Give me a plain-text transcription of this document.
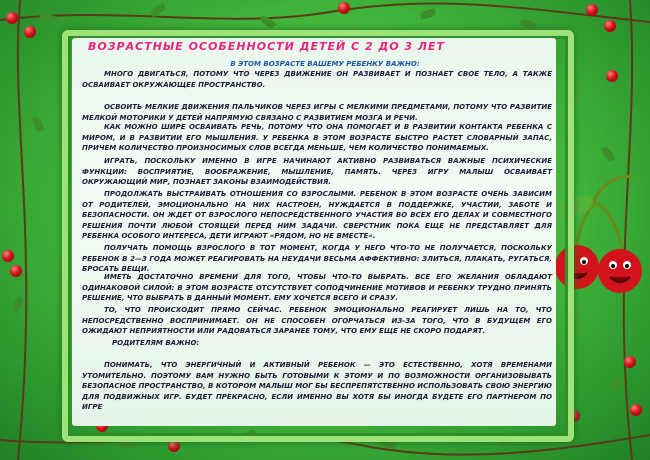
ВОЗРАСТНЫЕ ОСОБЕННОСТИ ДЕТЕЙ С 2 ДО 3 ЛЕТ
В ЭТОМ ВОЗРАСТЕ ВАШЕМУ РЕБЕНКУ ВАЖНО:

МНОГО ДВИГАТЬСЯ, ПОТОМУ ЧТО ЧЕРЕЗ ДВИЖЕНИЕ ОН РАЗВИВАЕТ И ПОЗНАЕТ СВОЕ ТЕЛО, А ТАКЖЕ ОСВАИВАЕТ ОКРУЖАЮЩЕЕ ПРОСТРАНСТВО.

ОСВОИТЬ МЕЛКИЕ ДВИЖЕНИЯ ПАЛЬЧИКОВ ЧЕРЕЗ ИГРЫ С МЕЛКИМИ ПРЕДМЕТАМИ, ПОТОМУ ЧТО РАЗВИТИЕ МЕЛКОЙ МОТОРИКИ У ДЕТЕЙ НАПРЯМУЮ СВЯЗАНО С РАЗВИТИЕМ МОЗГА И РЕЧИ.

КАК МОЖНО ШИРЕ ОСВАИВАТЬ РЕЧЬ, ПОТОМУ ЧТО ОНА ПОМОГАЕТ И В РАЗВИТИИ КОНТАКТА РЕБЕНКА С МИРОМ, И В РАЗВИТИИ ЕГО МЫШЛЕНИЯ. У РЕБЕНКА В ЭТОМ ВОЗРАСТЕ БЫСТРО РАСТЕТ СЛОВАРНЫЙ ЗАПАС, ПРИЧЕМ КОЛИЧЕСТВО ПРОИЗНОСИМЫХ СЛОВ ВСЕГДА МЕНЬШЕ, ЧЕМ КОЛИЧЕСТВО ПОНИМАЕМЫХ.

ИГРАТЬ, ПОСКОЛЬКУ ИМЕННО В ИГРЕ НАЧИНАЮТ АКТИВНО РАЗВИВАТЬСЯ ВАЖНЫЕ ПСИХИЧЕСКИЕ ФУНКЦИИ: ВОСПРИЯТИЕ, ВООБРАЖЕНИЕ, МЫШЛЕНИЕ, ПАМЯТЬ. ЧЕРЕЗ ИГРУ МАЛЫШ ОСВАИВАЕТ ОКРУЖАЮЩИЙ МИР, ПОЗНАЕТ ЗАКОНЫ ВЗАИМОДЕЙСТВИЯ.

ПРОДОЛЖАТЬ ВЫСТРАИВАТЬ ОТНОШЕНИЯ СО ВЗРОСЛЫМИ. РЕБЕНОК В ЭТОМ ВОЗРАСТЕ ОЧЕНЬ ЗАВИСИМ ОТ РОДИТЕЛЕЙ, ЭМОЦИОНАЛЬНО НА НИХ НАСТРОЕН, НУЖДАЕТСЯ В ПОДДЕРЖКЕ, УЧАСТИИ, ЗАБОТЕ И БЕЗОПАСНОСТИ. ОН ЖДЕТ ОТ ВЗРОСЛОГО НЕПОСРЕДСТВЕННОГО УЧАСТИЯ ВО ВСЕХ ЕГО ДЕЛАХ И СОВМЕСТНОГО РЕШЕНИЯ ПОЧТИ ЛЮБОЙ СТОЯЩЕЙ ПЕРЕД НИМ ЗАДАЧИ. СВЕРСТНИК ПОКА ЕЩЕ НЕ ПРЕДСТАВЛЯЕТ ДЛЯ РЕБЕНКА ОСОБОГО ИНТЕРЕСА, ДЕТИ ИГРАЮТ «РЯДОМ, НО НЕ ВМЕСТЕ».

ПОЛУЧАТЬ ПОМОЩЬ ВЗРОСЛОГО В ТОТ МОМЕНТ, КОГДА У НЕГО ЧТО-ТО НЕ ПОЛУЧАЕТСЯ, ПОСКОЛЬКУ РЕБЕНОК В 2—3 ГОДА МОЖЕТ РЕАГИРОВАТЬ НА НЕУДАЧИ ВЕСЬМА АФФЕКТИВНО: ЗЛИТЬСЯ, ПЛАКАТЬ, РУГАТЬСЯ, БРОСАТЬ ВЕЩИ.

ИМЕТЬ ДОСТАТОЧНО ВРЕМЕНИ ДЛЯ ТОГО, ЧТОБЫ ЧТО-ТО ВЫБРАТЬ. ВСЕ ЕГО ЖЕЛАНИЯ ОБЛАДАЮТ ОДИНАКОВОЙ СИЛОЙ: В ЭТОМ ВОЗРАСТЕ ОТСУТСТВУЕТ СОПОДЧИНЕНИЕ МОТИВОВ И РЕБЕНКУ ТРУДНО ПРИНЯТЬ РЕШЕНИЕ, ЧТО ВЫБРАТЬ В ДАННЫЙ МОМЕНТ. ЕМУ ХОЧЕТСЯ ВСЕГО И СРАЗУ.

ТО, ЧТО ПРОИСХОДИТ ПРЯМО СЕЙЧАС. РЕБЕНОК ЭМОЦИОНАЛЬНО РЕАГИРУЕТ ЛИШЬ НА ТО, ЧТО НЕПОСРЕДСТВЕННО ВОСПРИНИМАЕТ. ОН НЕ СПОСОБЕН ОГОРЧАТЬСЯ ИЗ-ЗА ТОГО, ЧТО В БУДУЩЕМ ЕГО ОЖИДАЮТ НЕПРИЯТНОСТИ ИЛИ РАДОВАТЬСЯ ЗАРАНЕЕ ТОМУ, ЧТО ЕМУ ЕЩЕ НЕ СКОРО ПОДАРЯТ.

РОДИТЕЛЯМ ВАЖНО:

ПОНИМАТЬ, ЧТО ЭНЕРГИЧНЫЙ И АКТИВНЫЙ РЕБЕНОК — ЭТО ЕСТЕСТВЕННО, ХОТЯ ВРЕМЕНАМИ УТОМИТЕЛЬНО. ПОЭТОМУ ВАМ НУЖНО БЫТЬ ГОТОВЫМИ К ЭТОМУ И ПО ВОЗМОЖНОСТИ ОРГАНИЗОВЫВАТЬ БЕЗОПАСНОЕ ПРОСТРАНСТВО, В КОТОРОМ МАЛЫШ МОГ БЫ БЕСПРЕПЯТСТВЕННО ИСПОЛЬЗОВАТЬ СВОЮ ЭНЕРГИЮ ДЛЯ ПОДВИЖНЫХ ИГР. БУДЕТ ПРЕКРАСНО, ЕСЛИ ИМЕННО ВЫ ХОТЯ БЫ ИНОГДА БУДЕТЕ ЕГО ПАРТНЕРОМ ПО ИГРЕ
